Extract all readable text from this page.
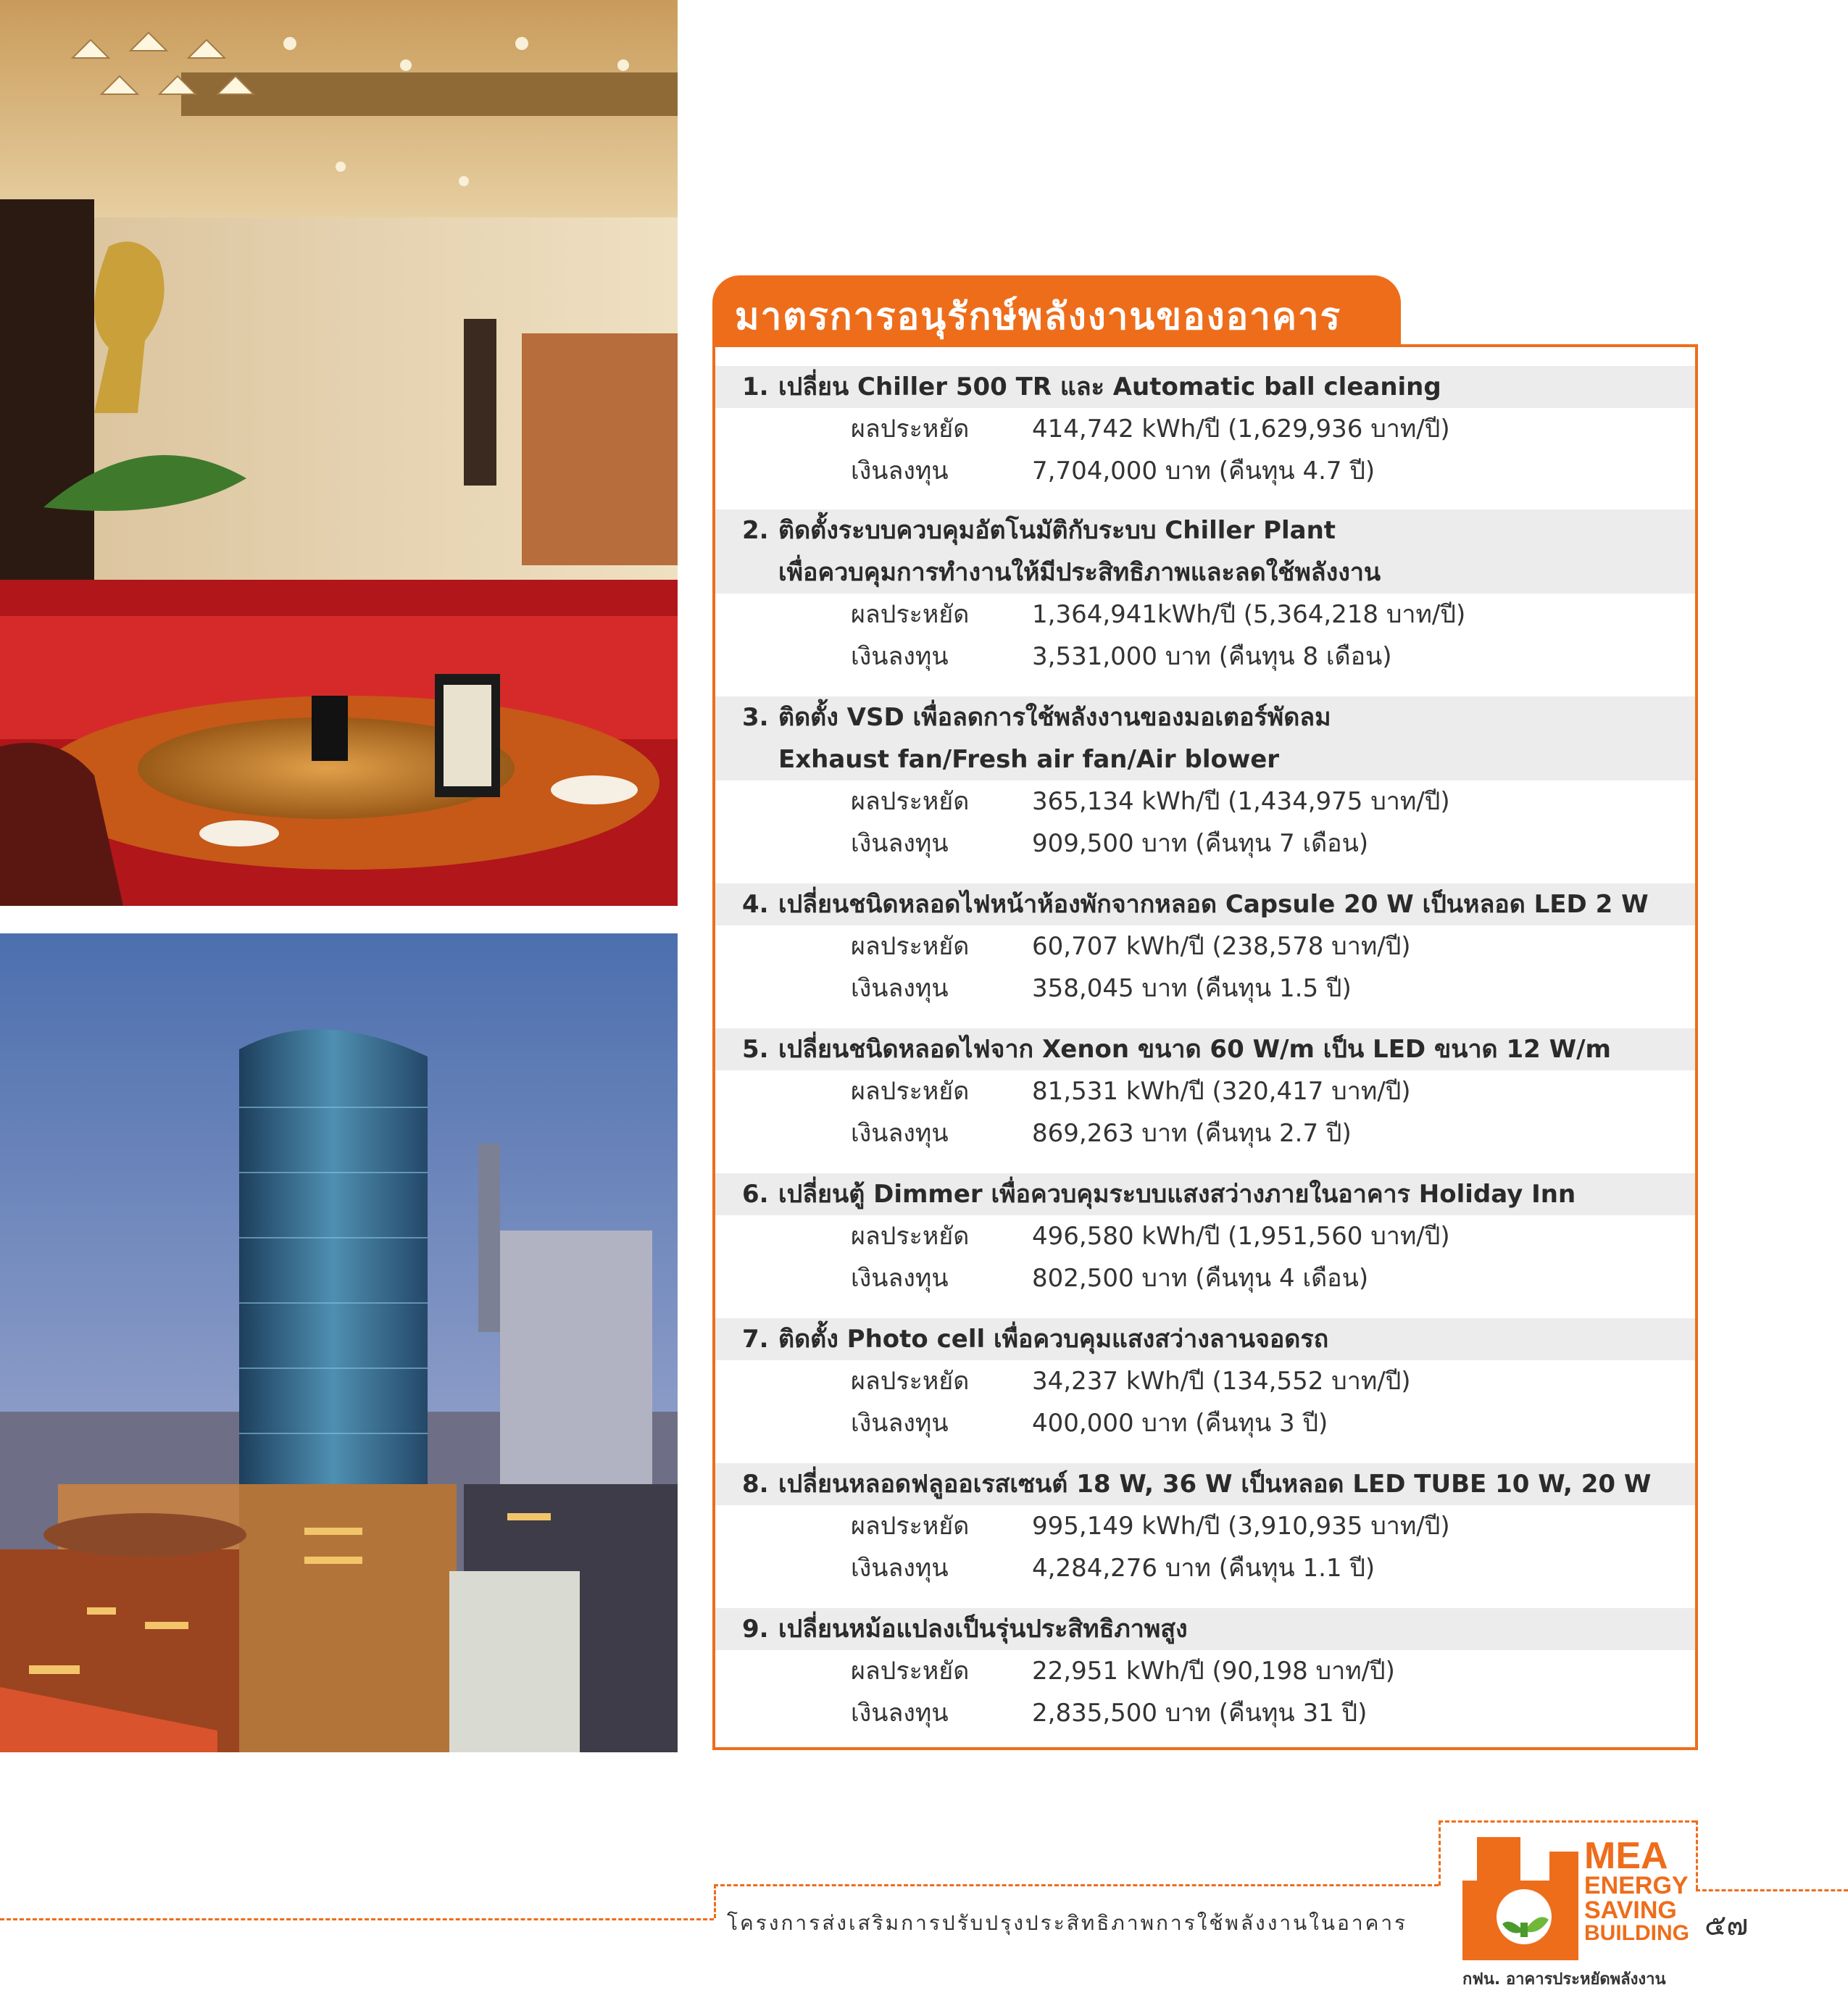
มาตรการอนุรักษ์พลังงานของอาคาร
1. เปลี่ยน Chiller 500 TR และ Automatic ball cleaning
ผลประหยัด	414,742 kWh/ปี (1,629,936 บาท/ปี)
เงินลงทุน	7,704,000 บาท (คืนทุน 4.7 ปี)
2. ติดตั้งระบบควบคุมอัตโนมัติกับระบบ Chiller Plant
เพื่อควบคุมการทำงานให้มีประสิทธิภาพและลดใช้พลังงาน
ผลประหยัด	1,364,941kWh/ปี (5,364,218 บาท/ปี)
เงินลงทุน	3,531,000 บาท (คืนทุน 8 เดือน)
3. ติดตั้ง VSD เพื่อลดการใช้พลังงานของมอเตอร์พัดลม
Exhaust fan/Fresh air fan/Air blower
ผลประหยัด	365,134 kWh/ปี (1,434,975 บาท/ปี)
เงินลงทุน	909,500 บาท (คืนทุน 7 เดือน)
4. เปลี่ยนชนิดหลอดไฟหน้าห้องพักจากหลอด Capsule 20 W เป็นหลอด LED 2 W
ผลประหยัด	60,707 kWh/ปี (238,578 บาท/ปี)
เงินลงทุน	358,045 บาท (คืนทุน 1.5 ปี)
5. เปลี่ยนชนิดหลอดไฟจาก Xenon ขนาด 60 W/m เป็น LED ขนาด 12 W/m
ผลประหยัด	81,531 kWh/ปี (320,417 บาท/ปี)
เงินลงทุน	869,263 บาท (คืนทุน 2.7 ปี)
6. เปลี่ยนตู้ Dimmer เพื่อควบคุมระบบแสงสว่างภายในอาคาร Holiday Inn
ผลประหยัด	496,580 kWh/ปี (1,951,560 บาท/ปี)
เงินลงทุน	802,500 บาท (คืนทุน 4 เดือน)
7. ติดตั้ง Photo cell เพื่อควบคุมแสงสว่างลานจอดรถ
ผลประหยัด	34,237 kWh/ปี (134,552 บาท/ปี)
เงินลงทุน	400,000 บาท (คืนทุน 3 ปี)
8. เปลี่ยนหลอดฟลูออเรสเซนต์ 18 W, 36 W เป็นหลอด LED TUBE 10 W, 20 W
ผลประหยัด	995,149 kWh/ปี (3,910,935 บาท/ปี)
เงินลงทุน	4,284,276 บาท (คืนทุน 1.1 ปี)
9. เปลี่ยนหม้อแปลงเป็นรุ่นประสิทธิภาพสูง
ผลประหยัด	22,951 kWh/ปี (90,198 บาท/ปี)
เงินลงทุน	2,835,500 บาท (คืนทุน 31 ปี)
โครงการส่งเสริมการปรับปรุงประสิทธิภาพการใช้พลังงานในอาคาร	๕๗
MEA
ENERGY
SAVING
BUILDING
กฟน. อาคารประหยัดพลังงาน
